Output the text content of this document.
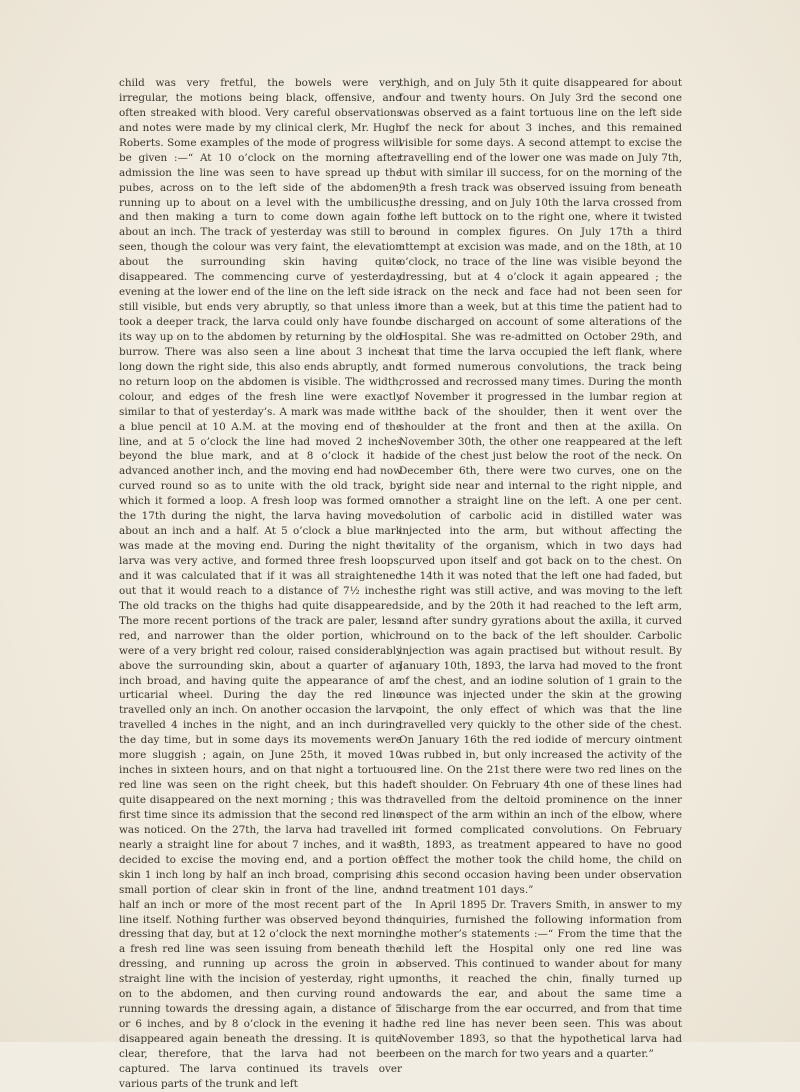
child was very fretful, the bowels were very irregular, the motions being black, offensive, and often streaked with blood. Very careful observations and notes were made by my clinical clerk, Mr. Hugh Roberts. Some examples of the mode of progress will be given :—“ At 10 o’clock on the morning after admission the line was seen to have spread up the pubes, across on to the left side of the abdomen, running up to about on a level with the umbilicus, and then making a turn to come down again for about an inch. The track of yesterday was still to be seen, though the colour was very faint, the elevation about the surrounding skin having quite disappeared. The commencing curve of yesterday evening at the lower end of the line on the left side is still visible, but ends very abruptly, so that unless it took a deeper track, the larva could only have found its way up on to the abdomen by returning by the old burrow. There was also seen a line about 3 inches long down the right side, this also ends abruptly, and no return loop on the abdomen is visible. The width, colour, and edges of the fresh line were exactly similar to that of yesterday’s. A mark was made with a blue pencil at 10 A.M. at the moving end of the line, and at 5 o’clock the line had moved 2 inches beyond the blue mark, and at 8 o’clock it had advanced another inch, and the moving end had now curved round so as to unite with the old track, by which it formed a loop. A fresh loop was formed on the 17th during the night, the larva having moved about an inch and a half. At 5 o’clock a blue mark was made at the moving end. During the night the larva was very active, and formed three fresh loops, and it was calculated that if it was all straightened out that it would reach to a distance of 7½ inches. The old tracks on the thighs had quite disappeared. The more recent portions of the track are paler, less red, and narrower than the older portion, which were of a very bright red colour, raised considerably above the surrounding skin, about a quarter of an inch broad, and having quite the appearance of an urticarial wheel. During the day the red line travelled only an inch. On another occasion the larva travelled 4 inches in the night, and an inch during the day time, but in some days its movements were more sluggish ; again, on June 25th, it moved 10 inches in sixteen hours, and on that night a tortuous red line was seen on the right cheek, but this had quite disappeared on the next morning ; this was the first time since its admission that the second red line was noticed. On the 27th, the larva had travelled in nearly a straight line for about 7 inches, and it was decided to excise the moving end, and a portion of skin 1 inch long by half an inch broad, comprising a small portion of clear skin in front of the line, and half an inch or more of the most recent part of the line itself. Nothing further was observed beyond the dressing that day, but at 12 o’clock the next morning a fresh red line was seen issuing from beneath the dressing, and running up across the groin in a straight line with the incision of yesterday, right up on to the abdomen, and then curving round and running towards the dressing again, a distance of 5 or 6 inches, and by 8 o’clock in the evening it had disappeared again beneath the dressing. It is quite clear, therefore, that the larva had not been captured. The larva continued its travels over various parts of the trunk and left

thigh, and on July 5th it quite disappeared for about four and twenty hours. On July 3rd the second one was observed as a faint tortuous line on the left side of the neck for about 3 inches, and this remained visible for some days. A second attempt to excise the travelling end of the lower one was made on July 7th, but with similar ill success, for on the morning of the 9th a fresh track was observed issuing from beneath the dressing, and on July 10th the larva crossed from the left buttock on to the right one, where it twisted round in complex figures. On July 17th a third attempt at excision was made, and on the 18th, at 10 o’clock, no trace of the line was visible beyond the dressing, but at 4 o’clock it again appeared ; the track on the neck and face had not been seen for more than a week, but at this time the patient had to be discharged on account of some alterations of the Hospital. She was re-admitted on October 29th, and at that time the larva occupied the left flank, where it formed numerous convolutions, the track being crossed and recrossed many times. During the month of November it progressed in the lumbar region at the back of the shoulder, then it went over the shoulder at the front and then at the axilla. On November 30th, the other one reappeared at the left side of the chest just below the root of the neck. On December 6th, there were two curves, one on the right side near and internal to the right nipple, and another a straight line on the left. A one per cent. solution of carbolic acid in distilled water was injected into the arm, but without affecting the vitality of the organism, which in two days had curved upon itself and got back on to the chest. On the 14th it was noted that the left one had faded, but the right was still active, and was moving to the left side, and by the 20th it had reached to the left arm, and after sundry gyrations about the axilla, it curved round on to the back of the left shoulder. Carbolic injection was again practised but without result. By January 10th, 1893, the larva had moved to the front of the chest, and an iodine solution of 1 grain to the ounce was injected under the skin at the growing point, the only effect of which was that the line travelled very quickly to the other side of the chest. On January 16th the red iodide of mercury ointment was rubbed in, but only increased the activity of the red line. On the 21st there were two red lines on the left shoulder. On February 4th one of these lines had travelled from the deltoid prominence on the inner aspect of the arm within an inch of the elbow, where it formed complicated convolutions. On February 8th, 1893, as treatment appeared to have no good effect the mother took the child home, the child on this second occasion having been under observation and treatment 101 days.”

In April 1895 Dr. Travers Smith, in answer to my inquiries, furnished the following information from the mother’s statements :—“ From the time that the child left the Hospital only one red line was observed. This continued to wander about for many months, it reached the chin, finally turned up towards the ear, and about the same time a discharge from the ear occurred, and from that time the red line has never been seen. This was about November 1893, so that the hypothetical larva had been on the march for two years and a quarter.”
